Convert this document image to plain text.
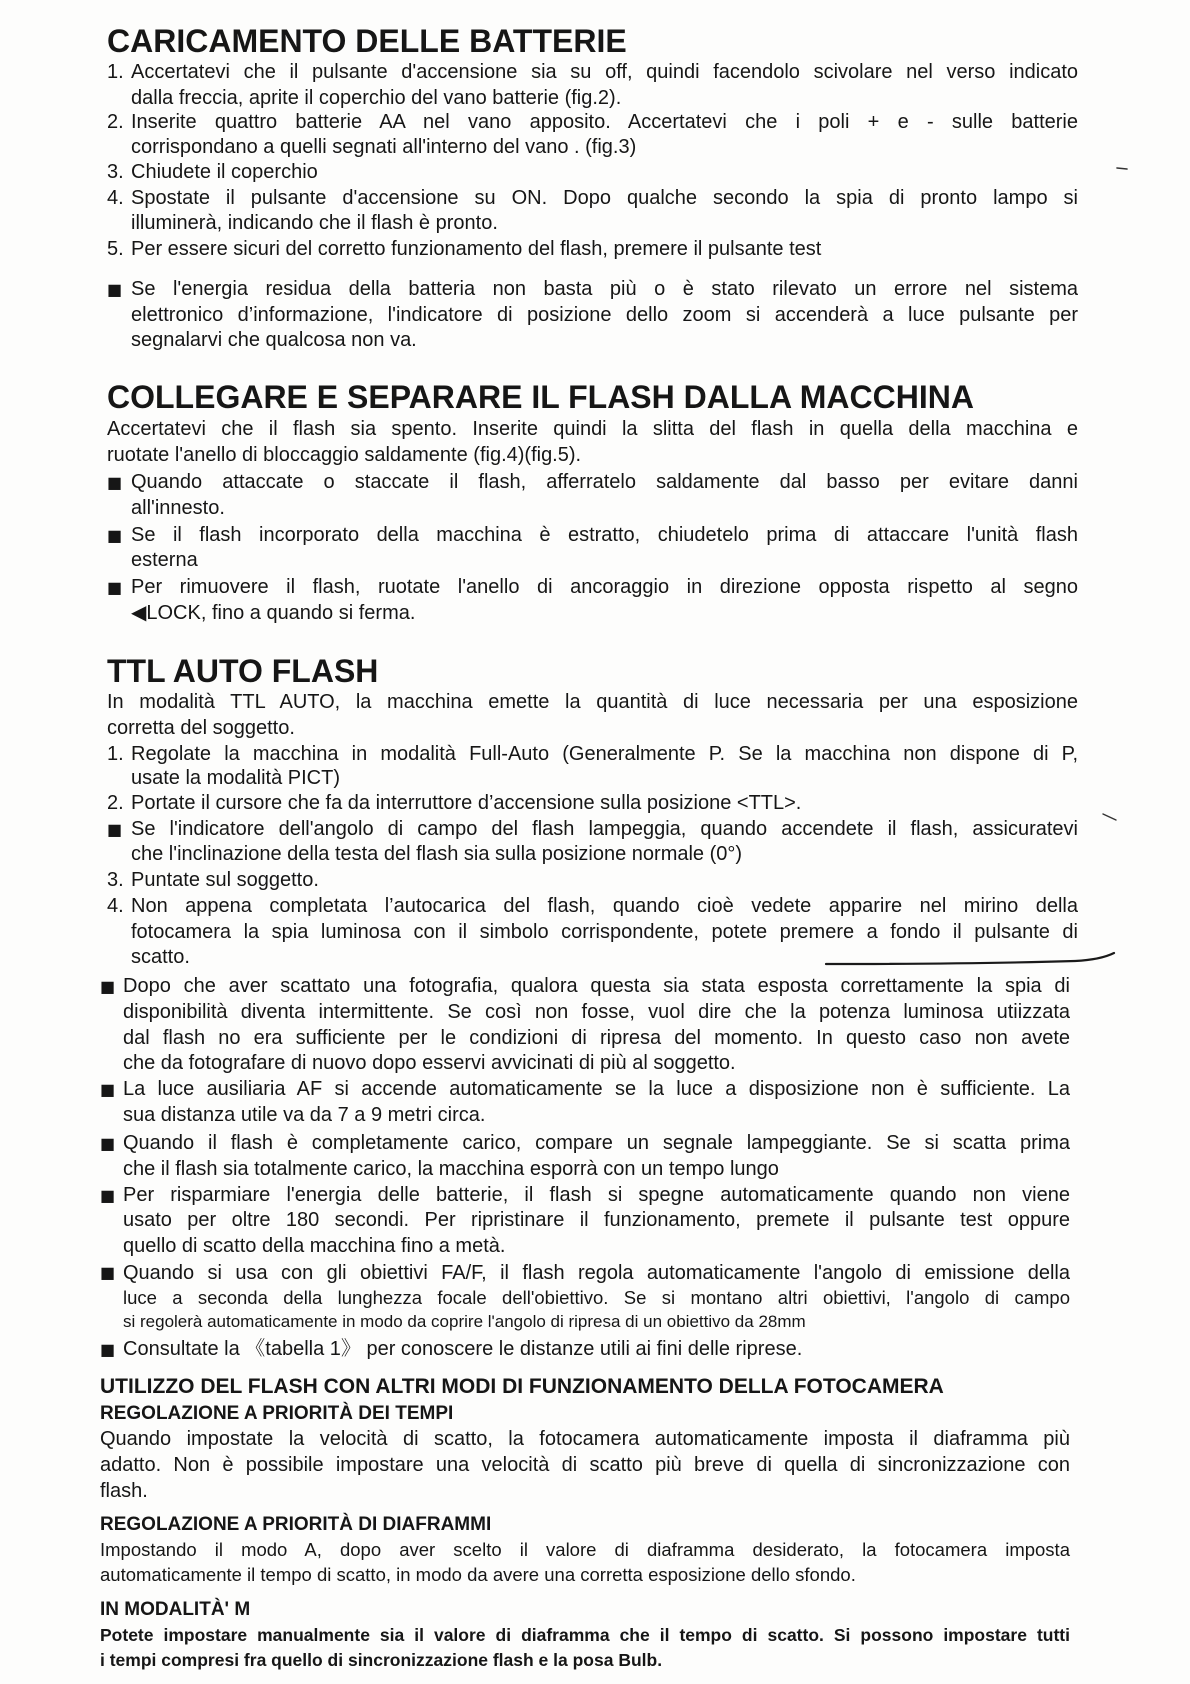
CARICAMENTO DELLE BATTERIE
1. Accertatevi che il pulsante d'accensione sia su off, quindi facendolo scivolare nel verso indicato
dalla freccia, aprite il coperchio del vano batterie (fig.2).
2. Inserite quattro batterie AA nel vano apposito. Accertatevi che i poli + e - sulle batterie
corrispondano a quelli segnati all'interno del vano . (fig.3)
3. Chiudete il coperchio
4. Spostate il pulsante d'accensione su ON. Dopo qualche secondo la spia di pronto lampo si
illuminerà, indicando che il flash è pronto.
5. Per essere sicuri del corretto funzionamento del flash, premere il pulsante test
■ Se l'energia residua della batteria non basta più o è stato rilevato un errore nel sistema
elettronico d’informazione, l'indicatore di posizione dello zoom si accenderà a luce pulsante per
segnalarvi che qualcosa non va.
COLLEGARE E SEPARARE IL FLASH DALLA MACCHINA
Accertatevi che il flash sia spento. Inserite quindi la slitta del flash in quella della macchina e
ruotate l'anello di bloccaggio saldamente (fig.4)(fig.5).
■ Quando attaccate o staccate il flash, afferratelo saldamente dal basso per evitare danni
all'innesto.
■ Se il flash incorporato della macchina è estratto, chiudetelo prima di attaccare l'unità flash
esterna
■ Per rimuovere il flash, ruotate l'anello di ancoraggio in direzione opposta rispetto al segno
◀LOCK, fino a quando si ferma.
TTL AUTO FLASH
In modalità TTL AUTO, la macchina emette la quantità di luce necessaria per una esposizione
corretta del soggetto.
1. Regolate la macchina in modalità Full-Auto (Generalmente P. Se la macchina non dispone di P,
usate la modalità PICT)
2. Portate il cursore che fa da interruttore d’accensione sulla posizione <TTL>.
■ Se l'indicatore dell'angolo di campo del flash lampeggia, quando accendete il flash, assicuratevi
che l'inclinazione della testa del flash sia sulla posizione normale (0°)
3. Puntate sul soggetto.
4. Non appena completata l’autocarica del flash, quando cioè vedete apparire nel mirino della
fotocamera la spia luminosa con il simbolo corrispondente, potete premere a fondo il pulsante di
scatto.
■ Dopo che aver scattato una fotografia, qualora questa sia stata esposta correttamente la spia di
disponibilità diventa intermittente. Se così non fosse, vuol dire che la potenza luminosa utiizzata
dal flash no era sufficiente per le condizioni di ripresa del momento. In questo caso non avete
che da fotografare di nuovo dopo esservi avvicinati di più al soggetto.
■ La luce ausiliaria AF si accende automaticamente se la luce a disposizione non è sufficiente. La
sua distanza utile va da 7 a 9 metri circa.
■ Quando il flash è completamente carico, compare un segnale lampeggiante. Se si scatta prima
che il flash sia totalmente carico, la macchina esporrà con un tempo lungo
■ Per risparmiare l'energia delle batterie, il flash si spegne automaticamente quando non viene
usato per oltre 180 secondi. Per ripristinare il funzionamento, premete il pulsante test oppure
quello di scatto della macchina fino a metà.
■ Quando si usa con gli obiettivi FA/F, il flash regola automaticamente l'angolo di emissione della
luce a seconda della lunghezza focale dell'obiettivo. Se si montano altri obiettivi, l'angolo di campo
si regolerà automaticamente in modo da coprire l'angolo di ripresa di un obiettivo da 28mm
■ Consultate la 《tabella 1》 per conoscere le distanze utili ai fini delle riprese.
UTILIZZO DEL FLASH CON ALTRI MODI DI FUNZIONAMENTO DELLA FOTOCAMERA
REGOLAZIONE A PRIORITÀ DEI TEMPI
Quando impostate la velocità di scatto, la fotocamera automaticamente imposta il diaframma più
adatto. Non è possibile impostare una velocità di scatto più breve di quella di sincronizzazione con
flash.
REGOLAZIONE A PRIORITÀ DI DIAFRAMMI
Impostando il modo A, dopo aver scelto il valore di diaframma desiderato, la fotocamera imposta
automaticamente il tempo di scatto, in modo da avere una corretta esposizione dello sfondo.
IN MODALITÀ' M
Potete impostare manualmente sia il valore di diaframma che il tempo di scatto. Si possono impostare tutti
i tempi compresi fra quello di sincronizzazione flash e la posa Bulb.
